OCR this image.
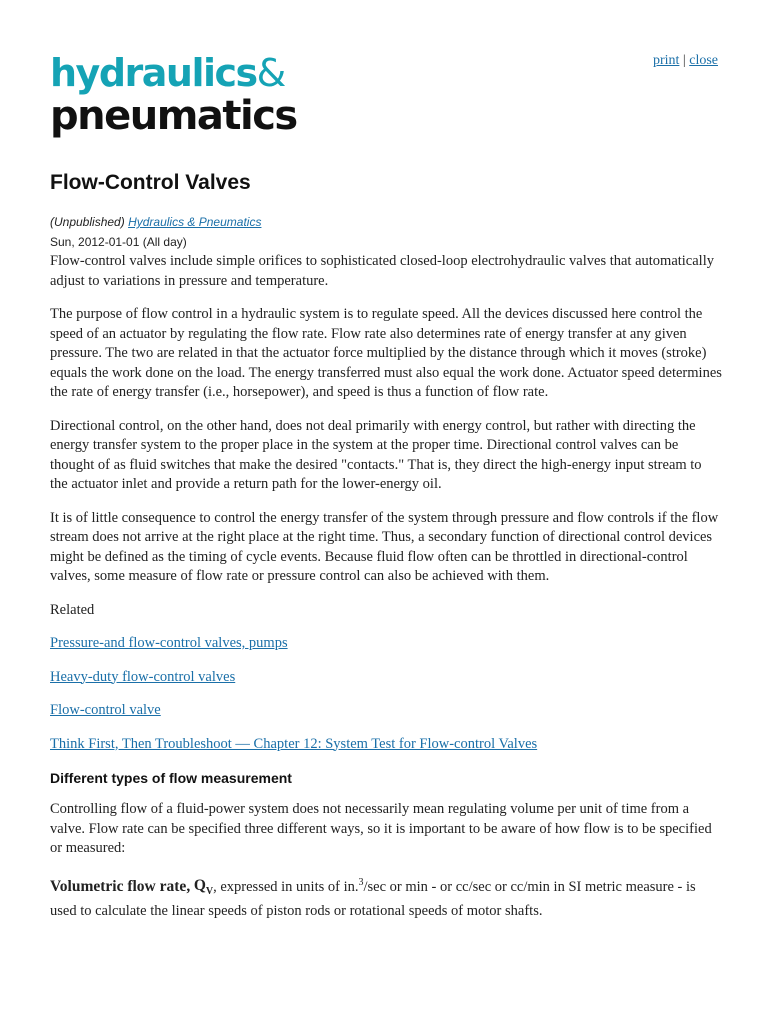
print | close
hydraulics&
pneumatics
Flow-Control Valves
(Unpublished) Hydraulics & Pneumatics
Sun, 2012-01-01 (All day)

Flow-control valves include simple orifices to sophisticated closed-loop electrohydraulic valves that automatically adjust to variations in pressure and temperature.

The purpose of flow control in a hydraulic system is to regulate speed. All the devices discussed here control the speed of an actuator by regulating the flow rate. Flow rate also determines rate of energy transfer at any given pressure. The two are related in that the actuator force multiplied by the distance through which it moves (stroke) equals the work done on the load. The energy transferred must also equal the work done. Actuator speed determines the rate of energy transfer (i.e., horsepower), and speed is thus a function of flow rate.

Directional control, on the other hand, does not deal primarily with energy control, but rather with directing the energy transfer system to the proper place in the system at the proper time. Directional control valves can be thought of as fluid switches that make the desired "contacts." That is, they direct the high-energy input stream to the actuator inlet and provide a return path for the lower-energy oil.

It is of little consequence to control the energy transfer of the system through pressure and flow controls if the flow stream does not arrive at the right place at the right time. Thus, a secondary function of directional control devices might be defined as the timing of cycle events. Because fluid flow often can be throttled in directional-control valves, some measure of flow rate or pressure control can also be achieved with them.

Related

Pressure-and flow-control valves, pumps

Heavy-duty flow-control valves

Flow-control valve

Think First, Then Troubleshoot — Chapter 12: System Test for Flow-control Valves

Different types of flow measurement

Controlling flow of a fluid-power system does not necessarily mean regulating volume per unit of time from a valve. Flow rate can be specified three different ways, so it is important to be aware of how flow is to be specified or measured:

Volumetric flow rate, $Q_V$, expressed in units of in.$^3$/sec or min - or cc/sec or cc/min in SI metric measure - is used to calculate the linear speeds of piston rods or rotational speeds of motor shafts.
